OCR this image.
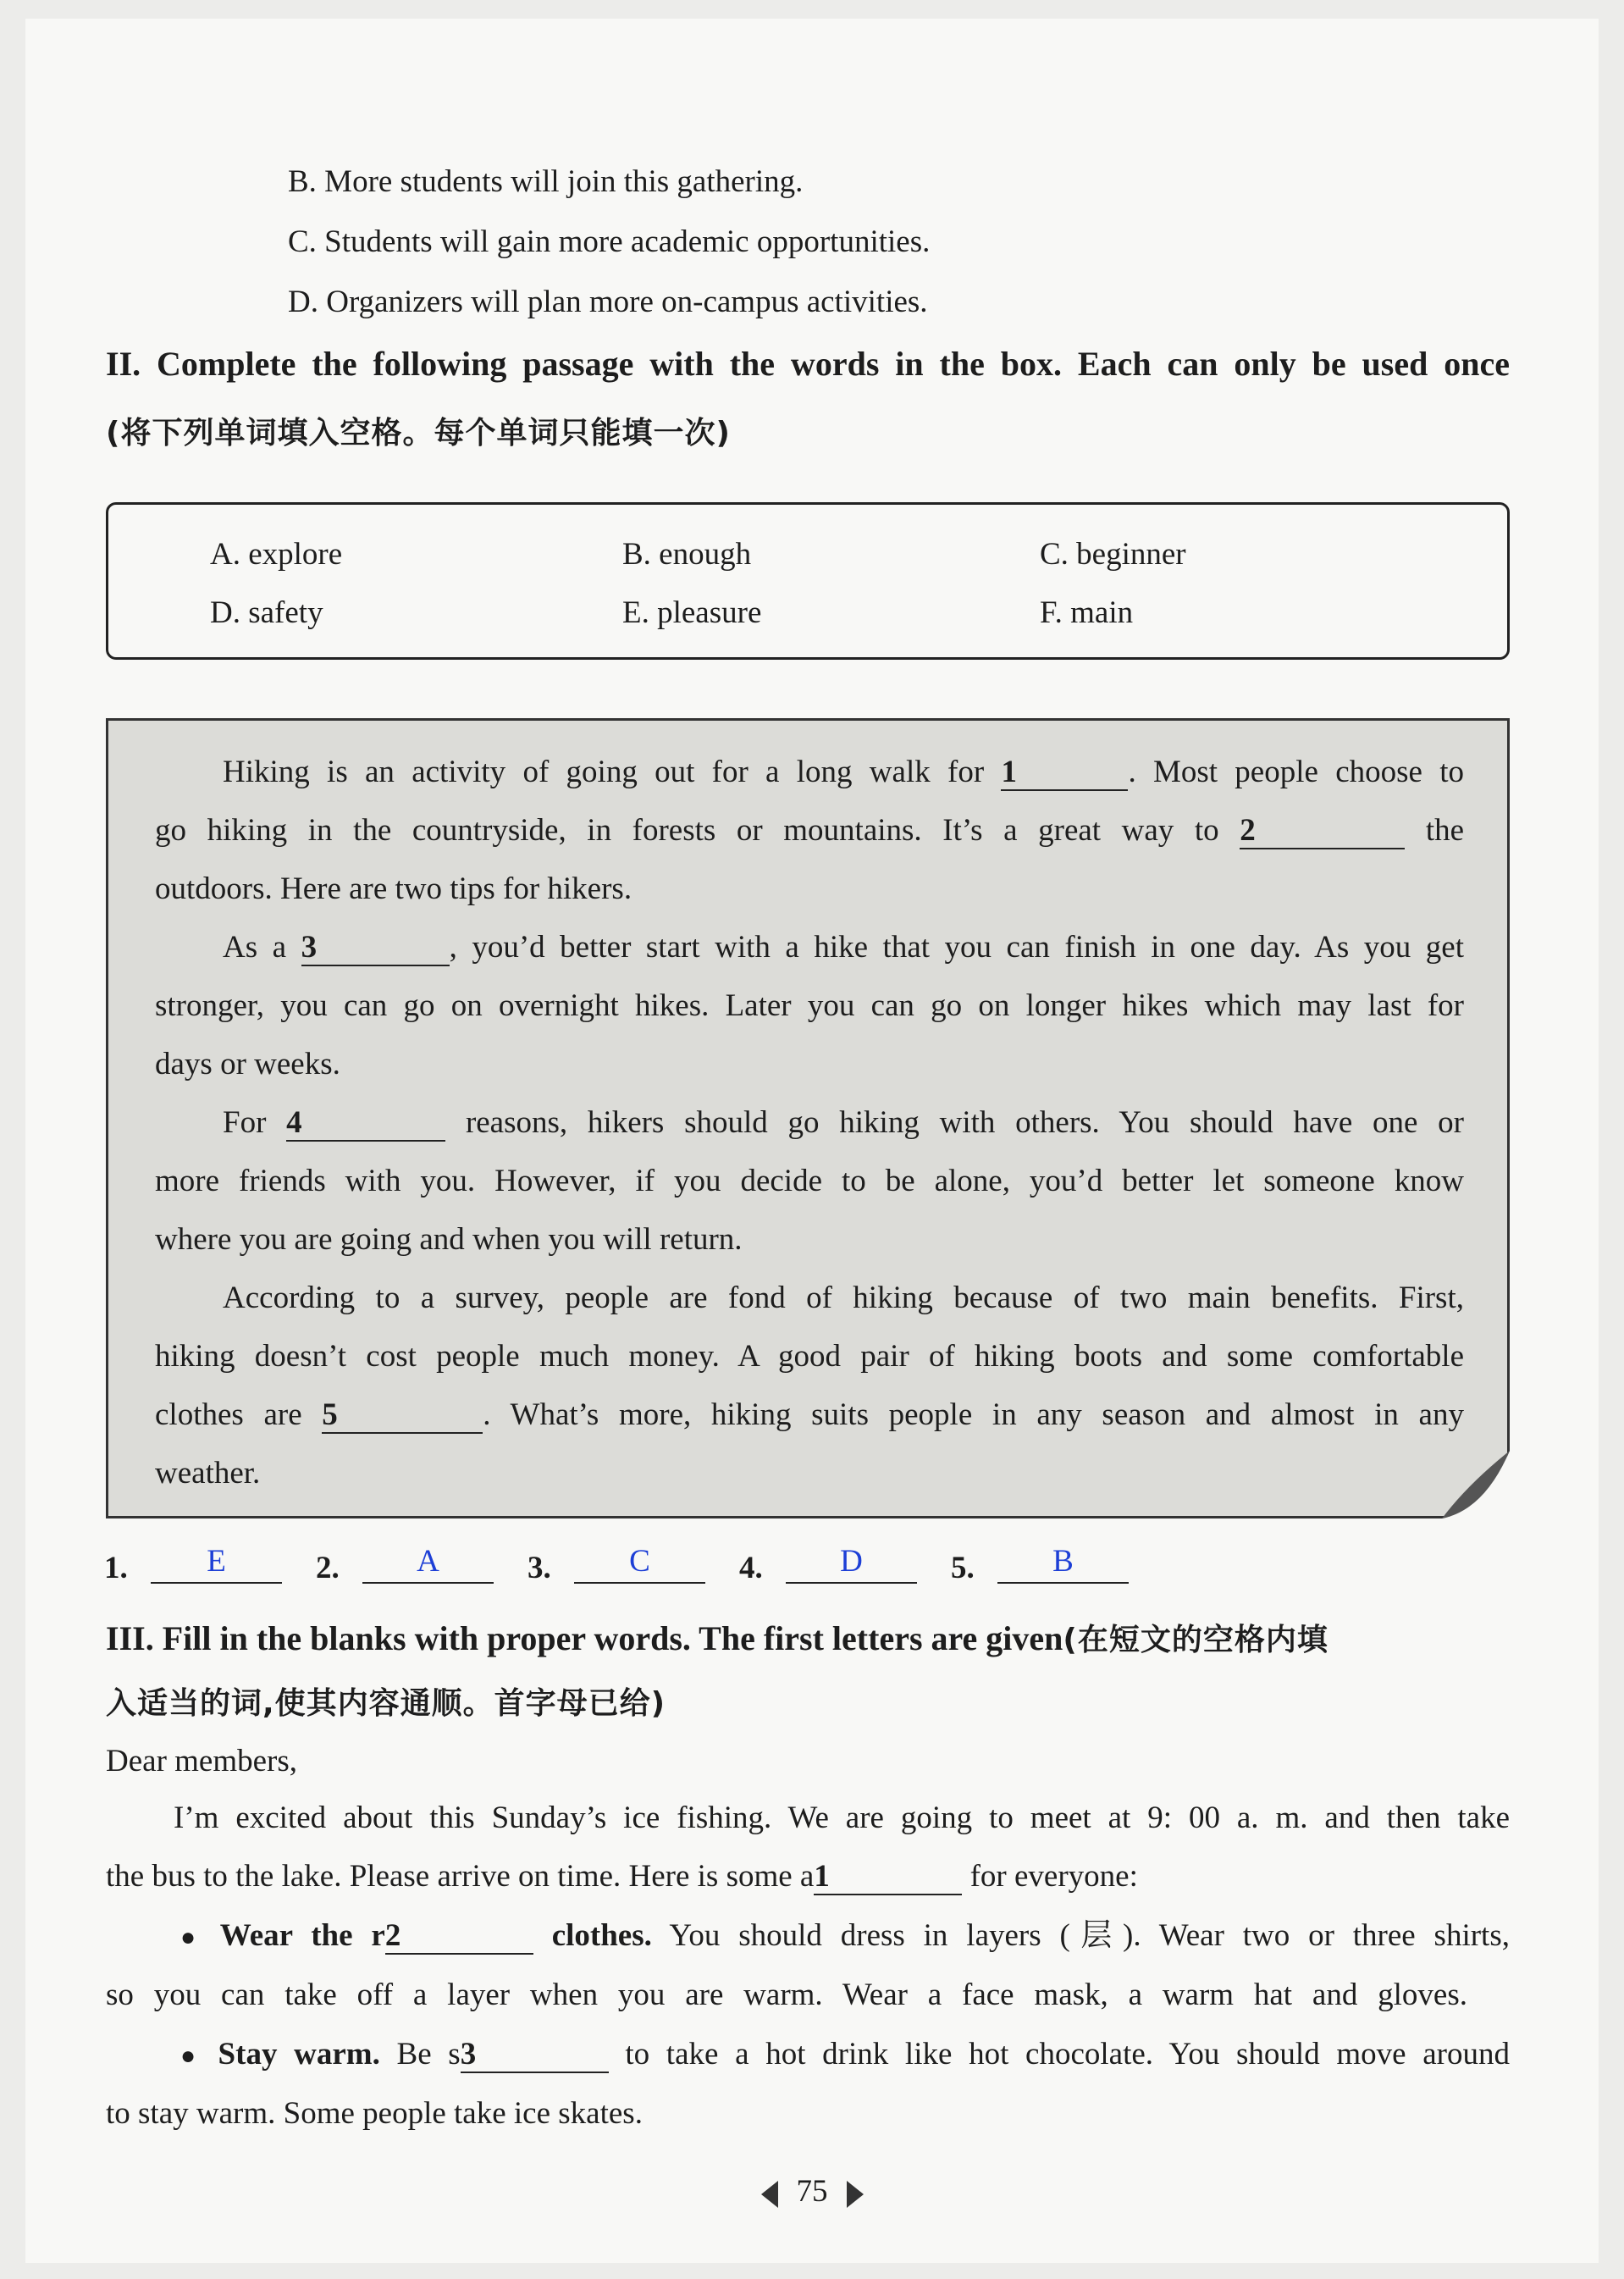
B. More students will join this gathering.
C. Students will gain more academic opportunities.
D. Organizers will plan more on-campus activities.
II. Complete the following passage with the words in the box. Each can only be used once
(将下列单词填入空格。每个单词只能填一次)
A. explore	B. enough	C. beginner
D. safety	E. pleasure	F. main
Hiking is an activity of going out for a long walk for 1	. Most people choose to
go hiking in the countryside, in forests or mountains. It’s a great way to 2	the
outdoors. Here are two tips for hikers.
As a 3	, you’d better start with a hike that you can finish in one day. As you get
stronger, you can go on overnight hikes. Later you can go on longer hikes which may last for
days or weeks.
For 4	reasons, hikers should go hiking with others. You should have one or
more friends with you. However, if you decide to be alone, you’d better let someone know
where you are going and when you will return.
According to a survey, people are fond of hiking because of two main benefits. First,
hiking doesn’t cost people much money. A good pair of hiking boots and some comfortable
clothes are 5	. What’s more, hiking suits people in any season and almost in any
weather.
1.	E	2.	A	3.	C	4.	D	5.	B
III. Fill in the blanks with proper words. The first letters are given(在短文的空格内填
入适当的词,使其内容通顺。首字母已给)
Dear members,
I’m excited about this Sunday’s ice fishing. We are going to meet at 9: 00 a. m. and then take
the bus to the lake. Please arrive on time. Here is some a1	for everyone:
● Wear the r2	clothes. You should dress in layers (层). Wear two or three shirts,
so you can take off a layer when you are warm. Wear a face mask, a warm hat and gloves.
● Stay warm. Be s3	to take a hot drink like hot chocolate. You should move around
to stay warm. Some people take ice skates.
75
